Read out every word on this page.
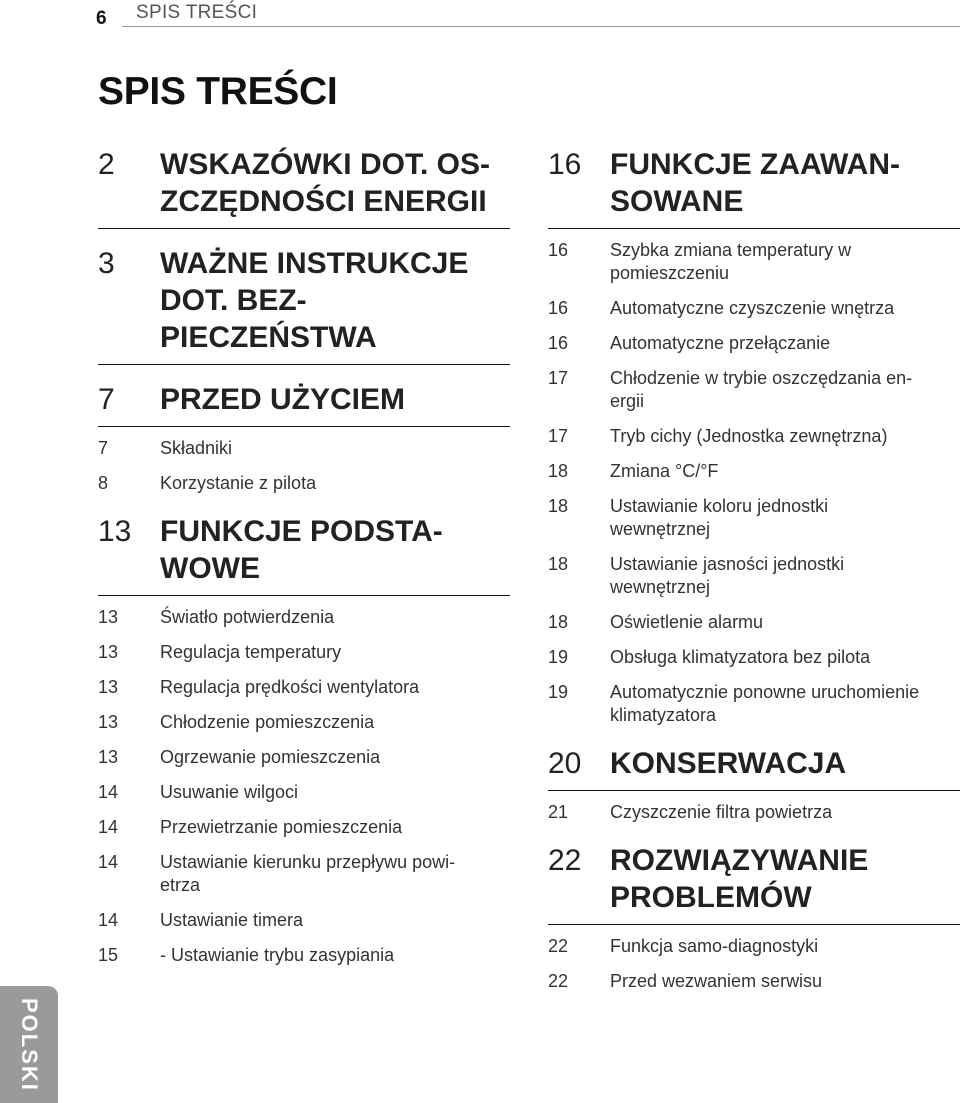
6 SPIS TREŚCI
SPIS TREŚCI
2	WSKAZÓWKI DOT. OS-
ZCZĘDNOŚCI ENERGII
3	WAŻNE INSTRUKCJE
DOT. BEZ-
PIECZEŃSTWA
7	PRZED UŻYCIEM
7	Składniki
8	Korzystanie z pilota
13 FUNKCJE PODSTA-
WOWE
13	Światło potwierdzenia
13	Regulacja temperatury
13	Regulacja prędkości wentylatora
13	Chłodzenie pomieszczenia
13	Ogrzewanie pomieszczenia
14	Usuwanie wilgoci
14	Przewietrzanie pomieszczenia
14	Ustawianie kierunku przepływu powi-
etrza
14	Ustawianie timera
15	- Ustawianie trybu zasypiania
16 FUNKCJE ZAAWAN-
SOWANE
16	Szybka zmiana temperatury w
pomieszczeniu
16	Automatyczne czyszczenie wnętrza
16	Automatyczne przełączanie
17	Chłodzenie w trybie oszczędzania en-
ergii
17	Tryb cichy (Jednostka zewnętrzna)
18	Zmiana °C/°F
18	Ustawianie koloru jednostki
wewnętrznej
18	Ustawianie jasności jednostki
wewnętrznej
18	Oświetlenie alarmu
19	Obsługa klimatyzatora bez pilota
19	Automatycznie ponowne uruchomienie
klimatyzatora
20 KONSERWACJA
21	Czyszczenie filtra powietrza
22 ROZWIĄZYWANIE
PROBLEMÓW
22	Funkcja samo-diagnostyki
22	Przed wezwaniem serwisu
POLSKI
